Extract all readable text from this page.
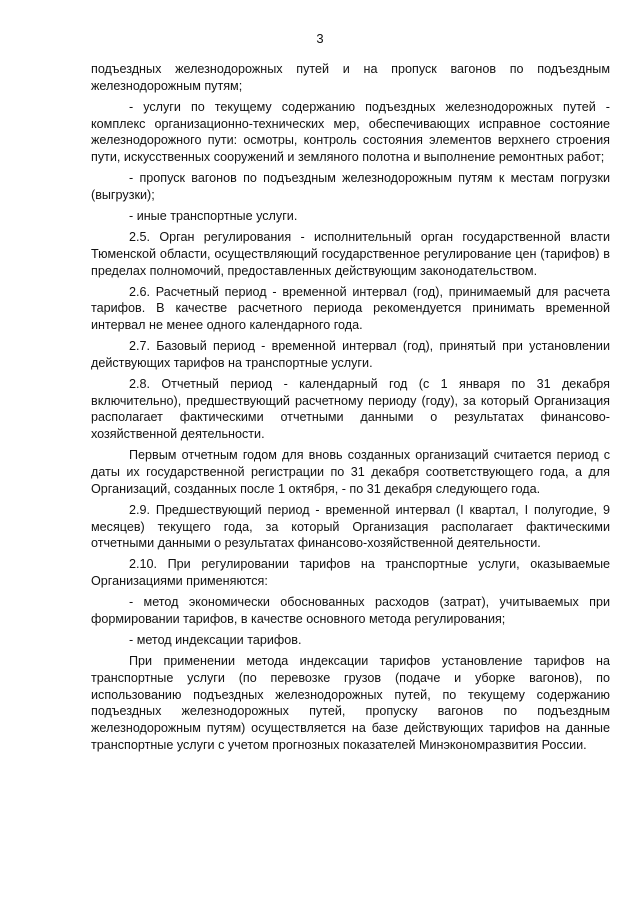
3

подъездных железнодорожных путей и на пропуск вагонов по подъездным железнодорожным путям;

- услуги по текущему содержанию подъездных железнодорожных путей - комплекс организационно-технических мер, обеспечивающих исправное состояние железнодорожного пути: осмотры, контроль состояния элементов верхнего строения пути, искусственных сооружений и земляного полотна и выполнение ремонтных работ;

- пропуск вагонов по подъездным железнодорожным путям к местам погрузки (выгрузки);

- иные транспортные услуги.

2.5. Орган регулирования - исполнительный орган государственной власти Тюменской области, осуществляющий государственное регулирование цен (тарифов) в пределах полномочий, предоставленных действующим законодательством.

2.6. Расчетный период - временной интервал (год), принимаемый для расчета тарифов. В качестве расчетного периода рекомендуется принимать временной интервал не менее одного календарного года.

2.7. Базовый период - временной интервал (год), принятый при установлении действующих тарифов на транспортные услуги.

2.8. Отчетный период - календарный год (с 1 января по 31 декабря включительно), предшествующий расчетному периоду (году), за который Организация располагает фактическими отчетными данными о результатах финансово-хозяйственной деятельности.

Первым отчетным годом для вновь созданных организаций считается период с даты их государственной регистрации по 31 декабря соответствующего года, а для Организаций, созданных после 1 октября, - по 31 декабря следующего года.

2.9. Предшествующий период - временной интервал (I квартал, I полугодие, 9 месяцев) текущего года, за который Организация располагает фактическими отчетными данными о результатах финансово-хозяйственной деятельности.

2.10. При регулировании тарифов на транспортные услуги, оказываемые Организациями применяются:

- метод экономически обоснованных расходов (затрат), учитываемых при формировании тарифов, в качестве основного метода регулирования;

- метод индексации тарифов.

При применении метода индексации тарифов установление тарифов на транспортные услуги (по перевозке грузов (подаче и уборке вагонов), по использованию подъездных железнодорожных путей, по текущему содержанию подъездных железнодорожных путей, пропуску вагонов по подъездным железнодорожным путям) осуществляется на базе действующих тарифов на данные транспортные услуги с учетом прогнозных показателей Минэкономразвития России.
